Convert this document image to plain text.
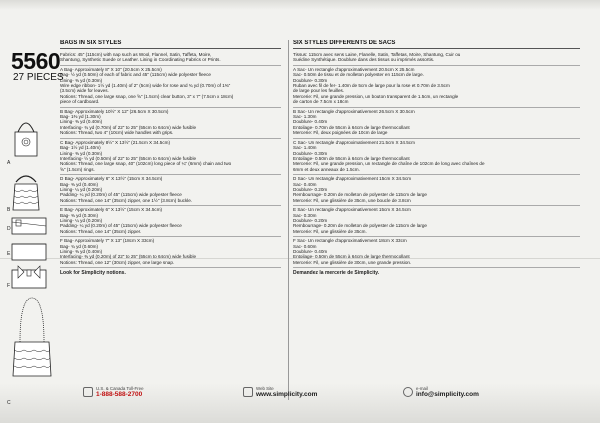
5560
27 PIECES
A
B
D
E
F
C
BAGS IN SIX STYLES
Fabrics: 45" (115cm) with nap such as Wool, Flannel, Satin, Taffeta, Moire,
Shantung, Synthetic Suede or Leather. Lining in Coordinating Fabrics or Prints.
A Bag- Approximately 8" X 10" (20.5cm X 25.5cm)
Bag- ½ yd (0.50m) of each of fabric and 45" (115cm) wide polyester fleece
Lining- ⅜ yd (0.30m)
Wire edge ribbon- 1½ yd (1.40m) of 2" (5cm) wide for rose and ¾ yd (0.70m) of 1⅜"
(3.5cm) wide for leaves.
Notions: Thread, one large snap, one ⅝" (1.5cm) clear button, 3" x 7" (7.5cm x 18cm)
piece of cardboard.
B Bag- Approximately 10½" X 12" (26.5cm X 30.5cm)
Bag- 1⅜ yd (1.30m)
Lining- ⅜ yd (0.40m)
Interfacing- ¾ yd (0.70m) of 22" to 25" (55cm to 64cm) wide fusible
Notions: Thread, two 4" (10cm) wide handles with grips.
C Bag- Approximately 8½" X 13½" (21.5cm X 34.5cm)
Bag- 1½ yd (1.40m)
Lining- ⅜ yd (0.30m)
Interfacing- ½ yd (0.50m) of 22" to 25" (55cm to 64cm) wide fusible
Notions: Thread, one large snap, 40" (102cm) long piece of ¼" (6mm) chain and two
⅝" (1.5cm) rings.
D Bag- Approximately 6" X 13½" (15cm X 34.5cm)
Bag- ⅜ yd (0.40m)
Lining- ¼ yd (0.20m)
Padding- ¼ yd (0.20m) of 45" (115cm) wide polyester fleece
Notions: Thread, one 14" (35cm) zipper, one 1½" (3.8cm) buckle.
E Bag- Approximately 6" X 13½" (15cm X 34.5cm)
Bag- ⅜ yd (0.30m)
Lining- ¼ yd (0.20m)
Padding- ¼ yd (0.20m) of 45" (115cm) wide polyester fleece
Notions: Thread, one 14" (35cm) zipper.
F Bag- Approximately 7" X 13" (18cm X 33cm)
Bag- ¾ yd (0.60m)
Lining- ⅜ yd (0.40m)
Interfacing- ⅜ yd (0.20m) of 22" to 25" (55cm to 64cm) wide fusible
Notions: Thread, one 12" (30cm) zipper, one large snap.
Look for Simplicity notions.
SIX STYLES DIFFERENTS DE SACS
Tissus: 115cm avec sens Laine, Flanelle, Satin, Taffetas, Moire, Shantung, Cuir ou
Suédine Synthétique. Doublure dans des tissus ou imprimés assortis.
A Sac- Un rectangle d'approximativement 20.5cm X 25.5cm
Sac- 0.50m de tissu et de molleton polyester en 115cm de large.
Doublure- 0.30m
Ruban avec fil de fer- 1.40m de 5cm de large pour la rose et 0.70m de 3.5cm
de large pour les feuilles.
Mercerie: Fil, une grande pression, un bouton transparent de 1.5cm, un rectangle
de carton de 7.5cm x 18cm
B Sac- Un rectangle d'approximativement 26.5cm X 30.5cm
Sac- 1.30m
Doublure- 0.40m
Entoilage- 0.70m de 55cm à 64cm de large thermocollant
Mercerie: Fil, deux poignées de 10cm de large
C Sac- Un rectangle d'approximativement 21.5cm X 34.5cm
Sac- 1.40m
Doublure- 0.30m
Entoilage- 0.50m de 55cm à 64cm de large thermocollant
Mercerie: Fil, une grande pression, un rectangle de chaîne de 102cm de long avec chaînes de
6mm et deux anneaux de 1.5cm.
D Sac- Un rectangle d'approximativement 15cm X 34.5cm
Sac- 0.40m
Doublure- 0.20m
Rembourrage- 0.20m de molleton de polyester de 115cm de large
Mercerie: Fil, une glissière de 35cm, une boucle de 3.8cm
E Sac- Un rectangle d'approximativement 15cm X 34.5cm
Sac- 0.30m
Doublure- 0.20m
Rembourrage- 0.20m de molleton de polyester de 115cm de large
Mercerie: Fil, une glissière de 35cm.
F Sac- Un rectangle d'approximativement 18cm X 33cm
Sac- 0.60m
Doublure- 0.40m
Entoilage- 0.50m de 55cm à 64cm de large thermocollant
Mercerie: Fil, une glissière de 30cm, une grande pression.
Demandez la mercerie de Simplicity.
U.S. & Canada Toll-Free
1-888-588-2700
Web Site
www.simplicity.com
e-mail
info@simplicity.com
